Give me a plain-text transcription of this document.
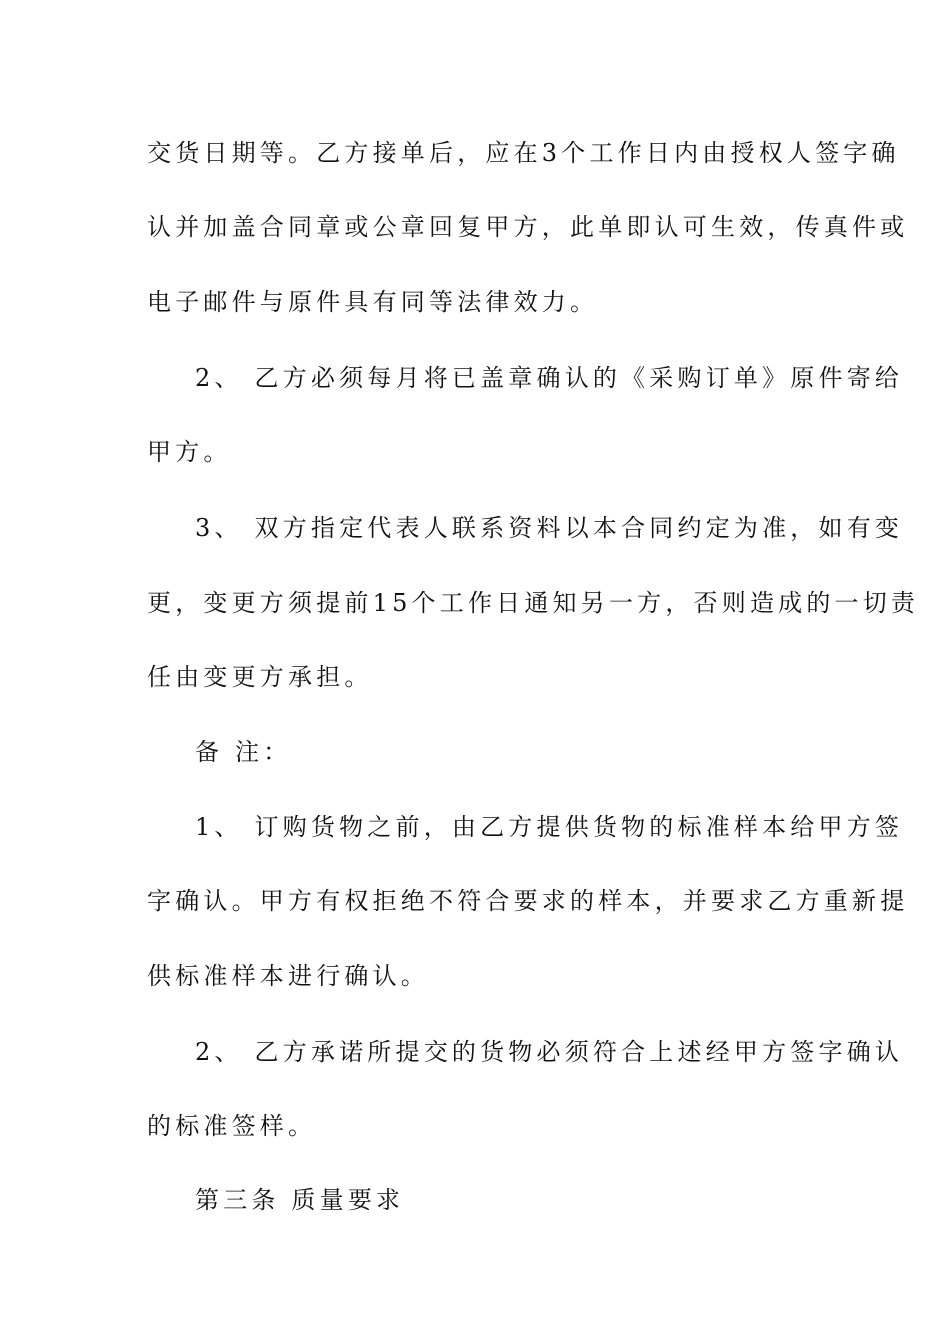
交货日期等。乙方接单后，应在3个工作日内由授权人签字确
认并加盖合同章或公章回复甲方，此单即认可生效，传真件或
电子邮件与原件具有同等法律效力。
2、 乙方必须每月将已盖章确认的《采购订单》原件寄给
甲方。
3、 双方指定代表人联系资料以本合同约定为准，如有变
更，变更方须提前15个工作日通知另一方，否则造成的一切责
任由变更方承担。
备 注：
1、 订购货物之前，由乙方提供货物的标准样本给甲方签
字确认。甲方有权拒绝不符合要求的样本，并要求乙方重新提
供标准样本进行确认。
2、 乙方承诺所提交的货物必须符合上述经甲方签字确认
的标准签样。
第三条 质量要求
